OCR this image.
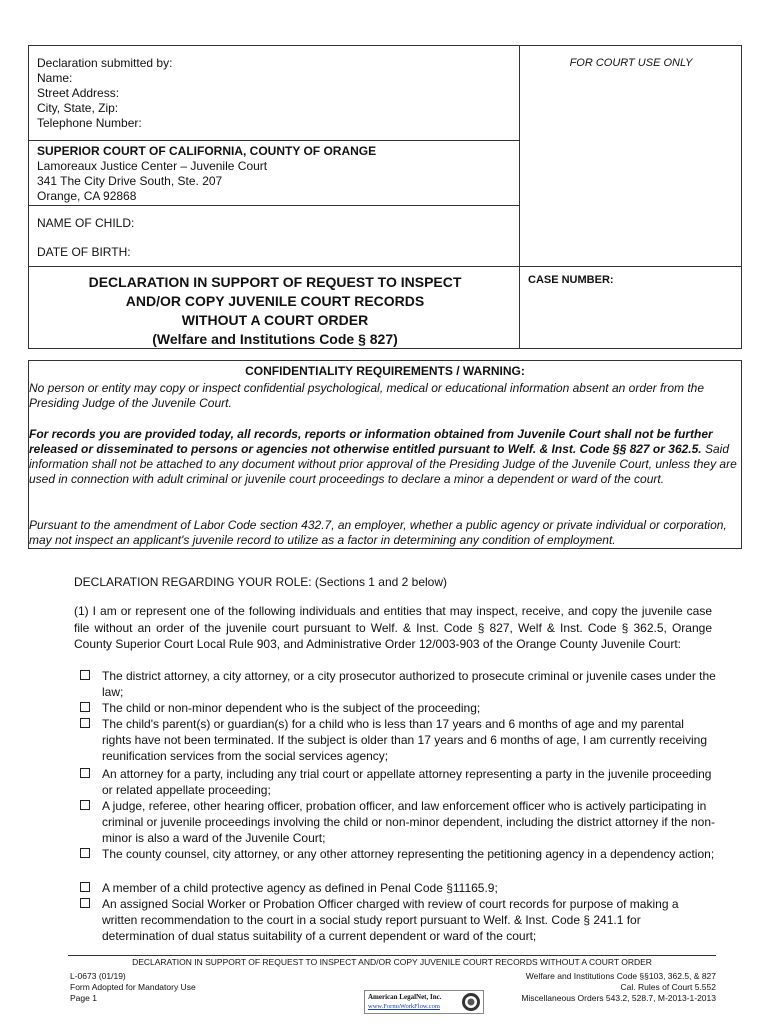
Declaration submitted by:
Name:
Street Address:
City, State, Zip:
Telephone Number:
FOR COURT USE ONLY
SUPERIOR COURT OF CALIFORNIA, COUNTY OF ORANGE
Lamoreaux Justice Center – Juvenile Court
341 The City Drive South, Ste. 207
Orange, CA 92868
NAME OF CHILD:
DATE OF BIRTH:
DECLARATION IN SUPPORT OF REQUEST TO INSPECT
AND/OR COPY JUVENILE COURT RECORDS
WITHOUT A COURT ORDER
(Welfare and Institutions Code § 827)
CASE NUMBER:
CONFIDENTIALITY REQUIREMENTS / WARNING:
No person or entity may copy or inspect confidential psychological, medical or educational information absent an order from the Presiding Judge of the Juvenile Court.
For records you are provided today, all records, reports or information obtained from Juvenile Court shall not be further released or disseminated to persons or agencies not otherwise entitled pursuant to Welf. & Inst. Code §§ 827 or 362.5. Said information shall not be attached to any document without prior approval of the Presiding Judge of the Juvenile Court, unless they are used in connection with adult criminal or juvenile court proceedings to declare a minor a dependent or ward of the court.
Pursuant to the amendment of Labor Code section 432.7, an employer, whether a public agency or private individual or corporation, may not inspect an applicant's juvenile record to utilize as a factor in determining any condition of employment.
DECLARATION REGARDING YOUR ROLE: (Sections 1 and 2 below)
(1) I am or represent one of the following individuals and entities that may inspect, receive, and copy the juvenile case file without an order of the juvenile court pursuant to Welf. & Inst. Code § 827, Welf & Inst. Code § 362.5, Orange County Superior Court Local Rule 903, and Administrative Order 12/003-903 of the Orange County Juvenile Court:
The district attorney, a city attorney, or a city prosecutor authorized to prosecute criminal or juvenile cases under the law;
The child or non-minor dependent who is the subject of the proceeding;
The child's parent(s) or guardian(s) for a child who is less than 17 years and 6 months of age and my parental rights have not been terminated. If the subject is older than 17 years and 6 months of age, I am currently receiving reunification services from the social services agency;
An attorney for a party, including any trial court or appellate attorney representing a party in the juvenile proceeding or related appellate proceeding;
A judge, referee, other hearing officer, probation officer, and law enforcement officer who is actively participating in criminal or juvenile proceedings involving the child or non-minor dependent, including the district attorney if the non-minor is also a ward of the Juvenile Court;
The county counsel, city attorney, or any other attorney representing the petitioning agency in a dependency action;
A member of a child protective agency as defined in Penal Code §11165.9;
An assigned Social Worker or Probation Officer charged with review of court records for purpose of making a written recommendation to the court in a social study report pursuant to Welf. & Inst. Code § 241.1 for determination of dual status suitability of a current dependent or ward of the court;
DECLARATION IN SUPPORT OF REQUEST TO INSPECT AND/OR COPY JUVENILE COURT RECORDS WITHOUT A COURT ORDER
L-0673 (01/19)
Form Adopted for Mandatory Use
Page 1	American LegalNet, Inc.
www.FormsWorkFlow.com
Welfare and Institutions Code §§103, 362.5, & 827
Cal. Rules of Court 5.552
Miscellaneous Orders 543.2, 528.7, M-2013-1-2013
